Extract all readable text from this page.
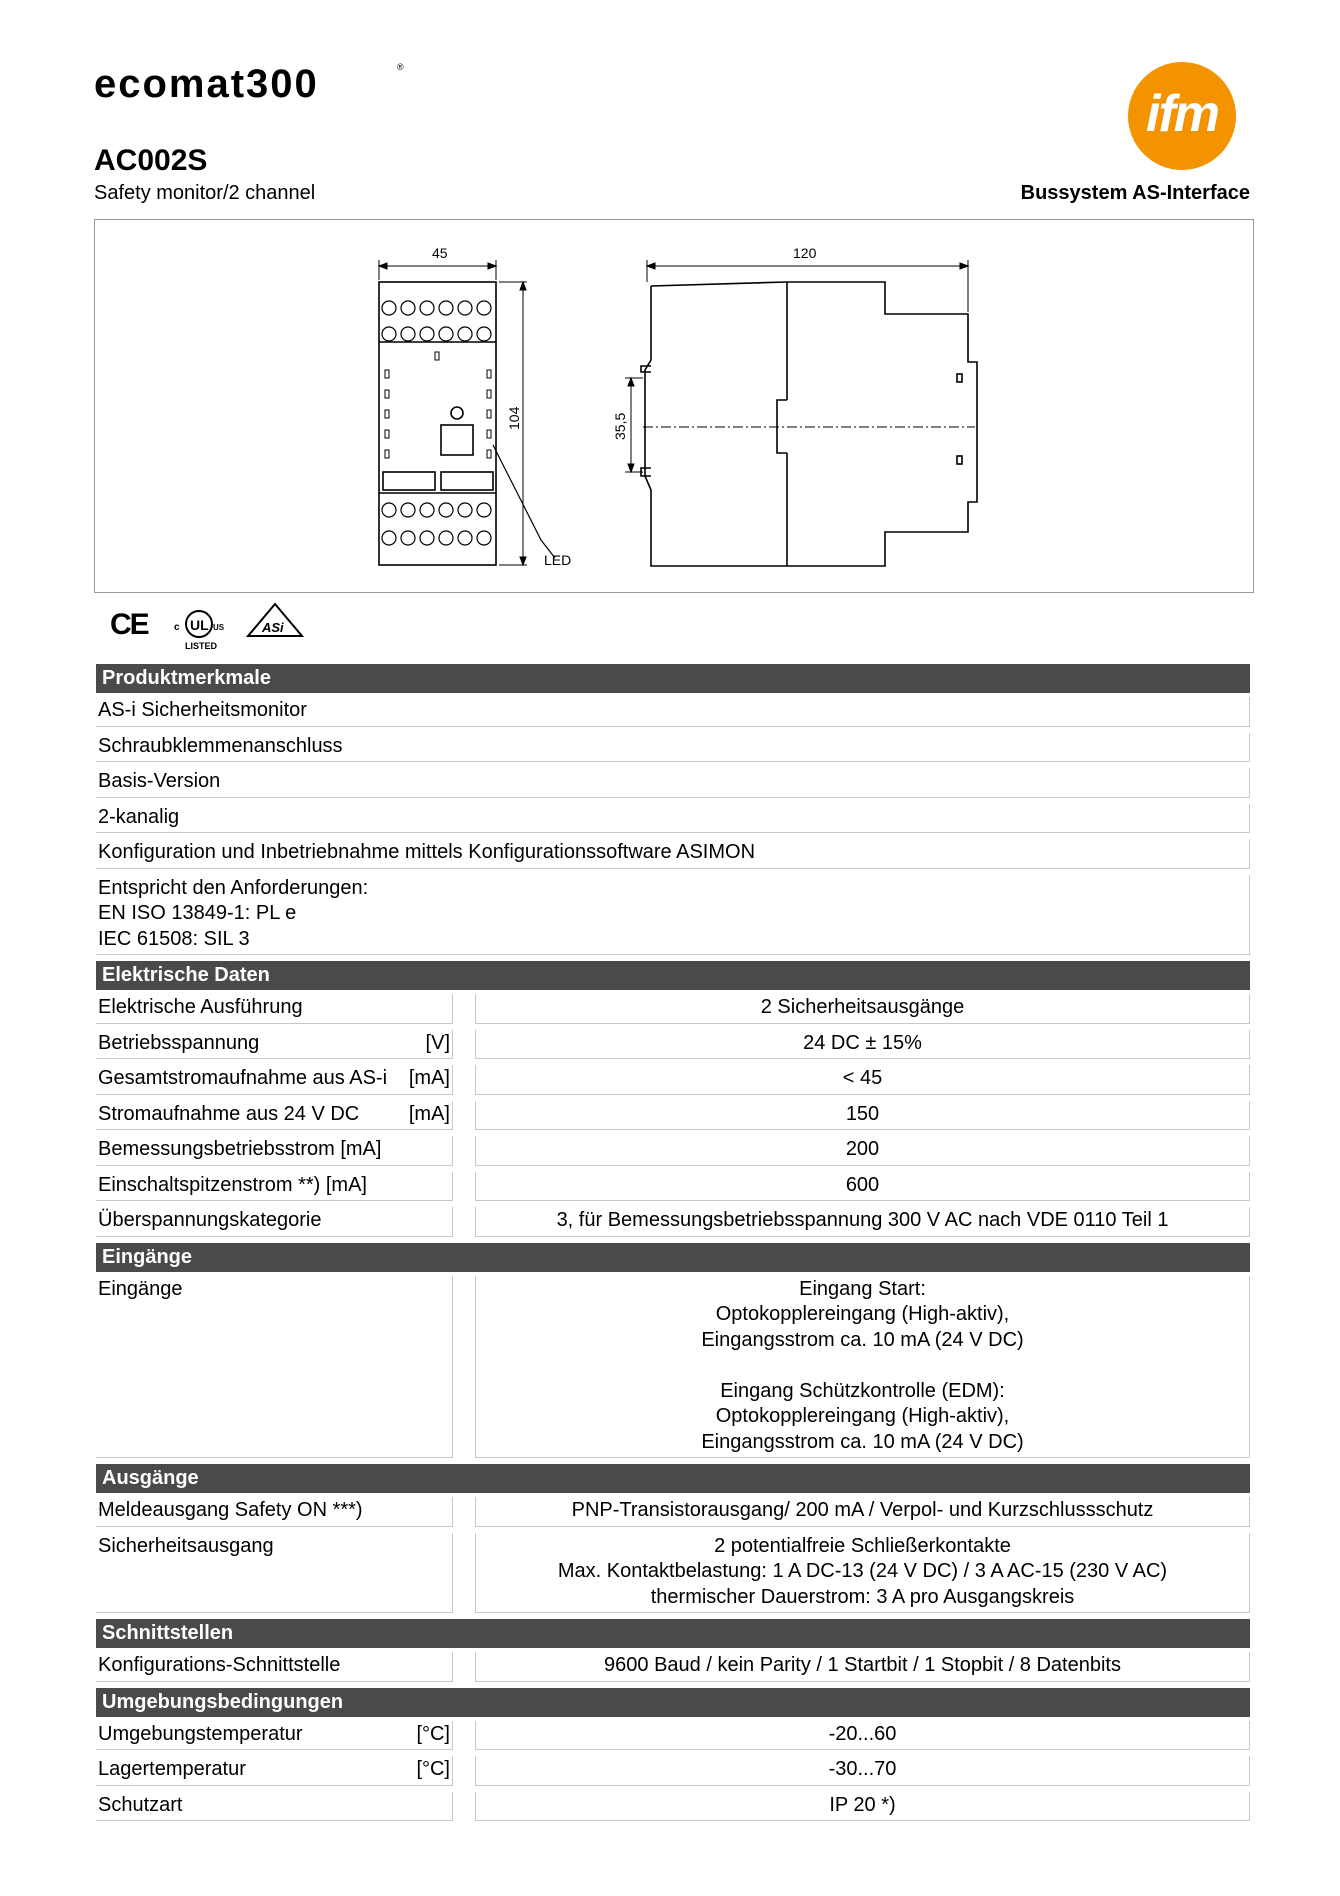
ecomat300	®
ifm
AC002S
Safety monitor/2 channel	Bussystem AS-Interface
45
104
LED
120
35,5
CE	UL
c	US
LISTED
ASi
Produktmerkmale
AS-i Sicherheitsmonitor
Schraubklemmenanschluss
Basis-Version
2-kanalig
Konfiguration und Inbetriebnahme mittels Konfigurationssoftware ASIMON
Entspricht den Anforderungen:
EN ISO 13849-1: PL e
IEC 61508: SIL 3
Elektrische Daten
Elektrische Ausführung	2 Sicherheitsausgänge
Betriebsspannung	[V]	24 DC ± 15%
Gesamtstromaufnahme aus AS-i [mA]	< 45
Stromaufnahme aus 24 V DC [mA]	150
Bemessungsbetriebsstrom [mA]	200
Einschaltspitzenstrom **) [mA]	600
Überspannungskategorie	3, für Bemessungsbetriebsspannung 300 V AC nach VDE 0110 Teil 1
Eingänge
Eingänge	Eingang Start:
Optokopplereingang (High-aktiv),
Eingangsstrom ca. 10 mA (24 V DC)

Eingang Schützkontrolle (EDM):
Optokopplereingang (High-aktiv),
Eingangsstrom ca. 10 mA (24 V DC)
Ausgänge
Meldeausgang Safety ON ***)	PNP-Transistorausgang/ 200 mA / Verpol- und Kurzschlussschutz
Sicherheitsausgang	2 potentialfreie Schließerkontakte
Max. Kontaktbelastung: 1 A DC-13 (24 V DC) / 3 A AC-15 (230 V AC)
thermischer Dauerstrom: 3 A pro Ausgangskreis
Schnittstellen
Konfigurations-Schnittstelle	9600 Baud / kein Parity / 1 Startbit / 1 Stopbit / 8 Datenbits
Umgebungsbedingungen
Umgebungstemperatur	[°C]	-20...60
Lagertemperatur	[°C]	-30...70
Schutzart	IP 20 *)
